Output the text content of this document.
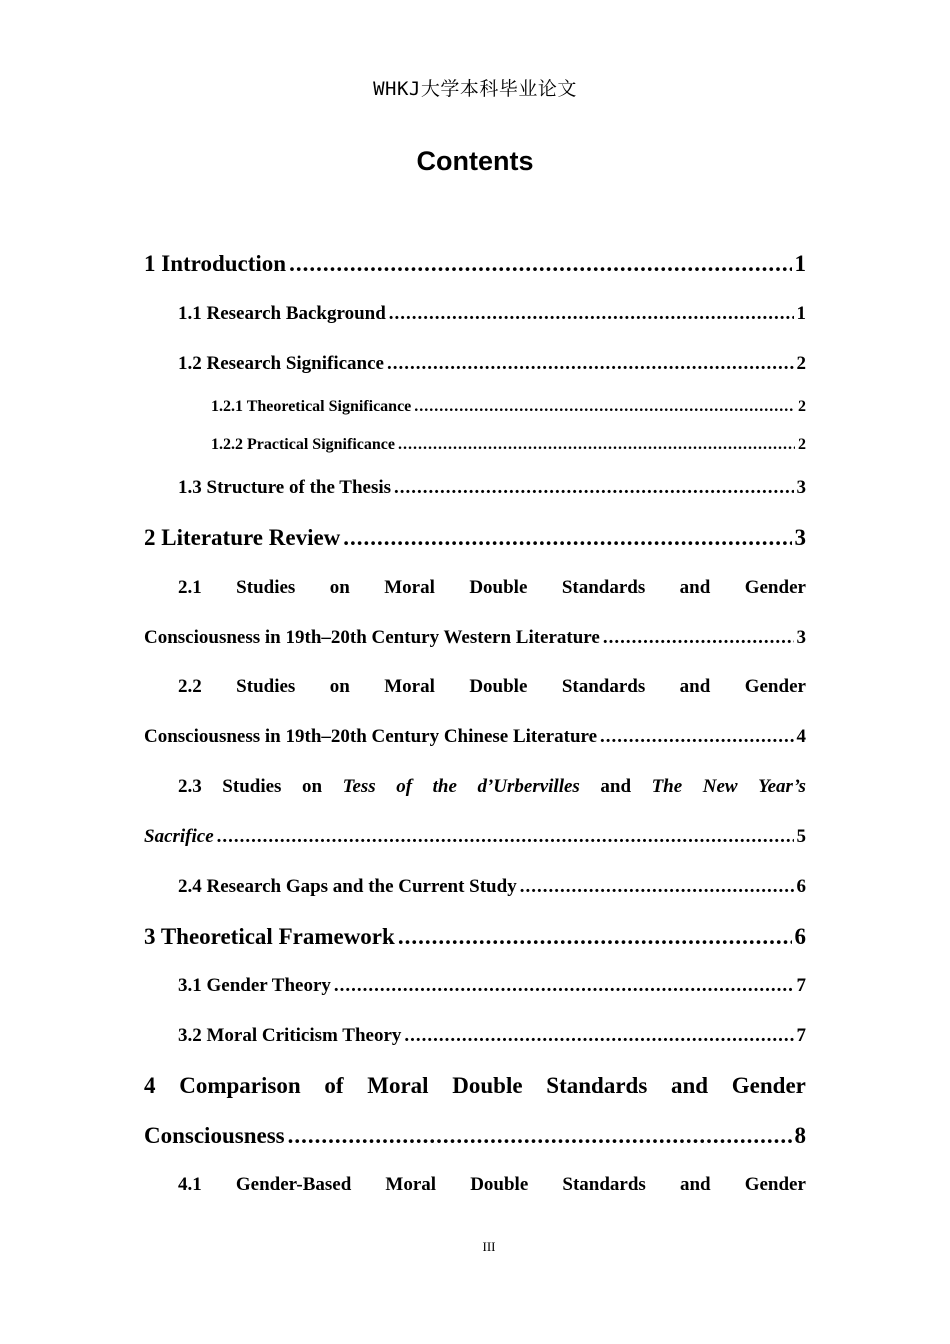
WHKJ大学本科毕业论文
Contents
1 Introduction .....	1
1.1 Research Background .....	1
1.2 Research Significance .....	2
1.2.1 Theoretical Significance .....	2
1.2.2 Practical Significance .....	2
1.3 Structure of the Thesis .....	3
2 Literature Review .....	3
2.1 Studies on Moral Double Standards and Gender
Consciousness in 19th–20th Century Western Literature .....	3
2.2 Studies on Moral Double Standards and Gender
Consciousness in 19th–20th Century Chinese Literature .....	4
2.3 Studies on Tess of the d’Urbervilles and The New Year’s
Sacrifice .....	5
2.4 Research Gaps and the Current Study .....	6
3 Theoretical Framework .....	6
3.1 Gender Theory .....	7
3.2 Moral Criticism Theory .....	7
4 Comparison of Moral Double Standards and Gender
Consciousness .....	8
4.1 Gender-Based Moral Double Standards and Gender
III
